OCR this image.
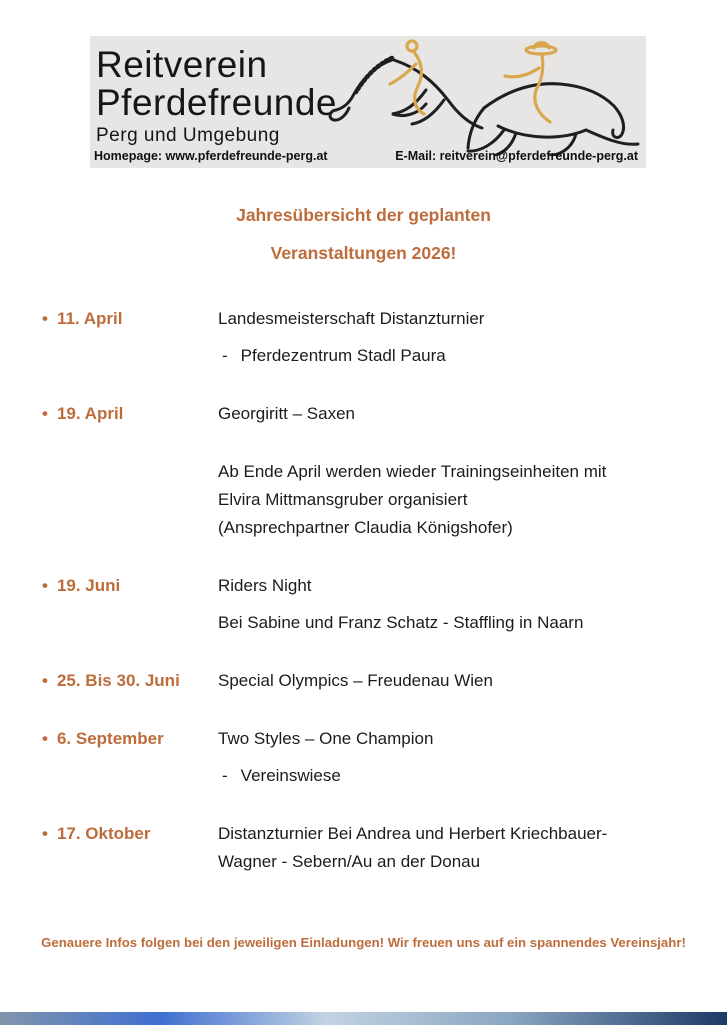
Reitverein
Pferdefreunde
Perg und Umgebung
Homepage: www.pferdefreunde-perg.at	E-Mail: reitverein@pferdefreunde-perg.at
Jahresübersicht der geplanten
Veranstaltungen 2026!
• 11. April	Landesmeisterschaft Distanzturnier
- Pferdezentrum Stadl Paura
• 19. April	Georgiritt – Saxen
Ab Ende April werden wieder Trainingseinheiten mit
Elvira Mittmansgruber organisiert
(Ansprechpartner Claudia Königshofer)
• 19. Juni	Riders Night
Bei Sabine und Franz Schatz - Staffling in Naarn
• 25. Bis 30. Juni	Special Olympics – Freudenau Wien
• 6. September	Two Styles – One Champion
- Vereinswiese
• 17. Oktober	Distanzturnier Bei Andrea und Herbert Kriechbauer-
Wagner - Sebern/Au an der Donau
Genauere Infos folgen bei den jeweiligen Einladungen! Wir freuen uns auf ein spannendes Vereinsjahr!
